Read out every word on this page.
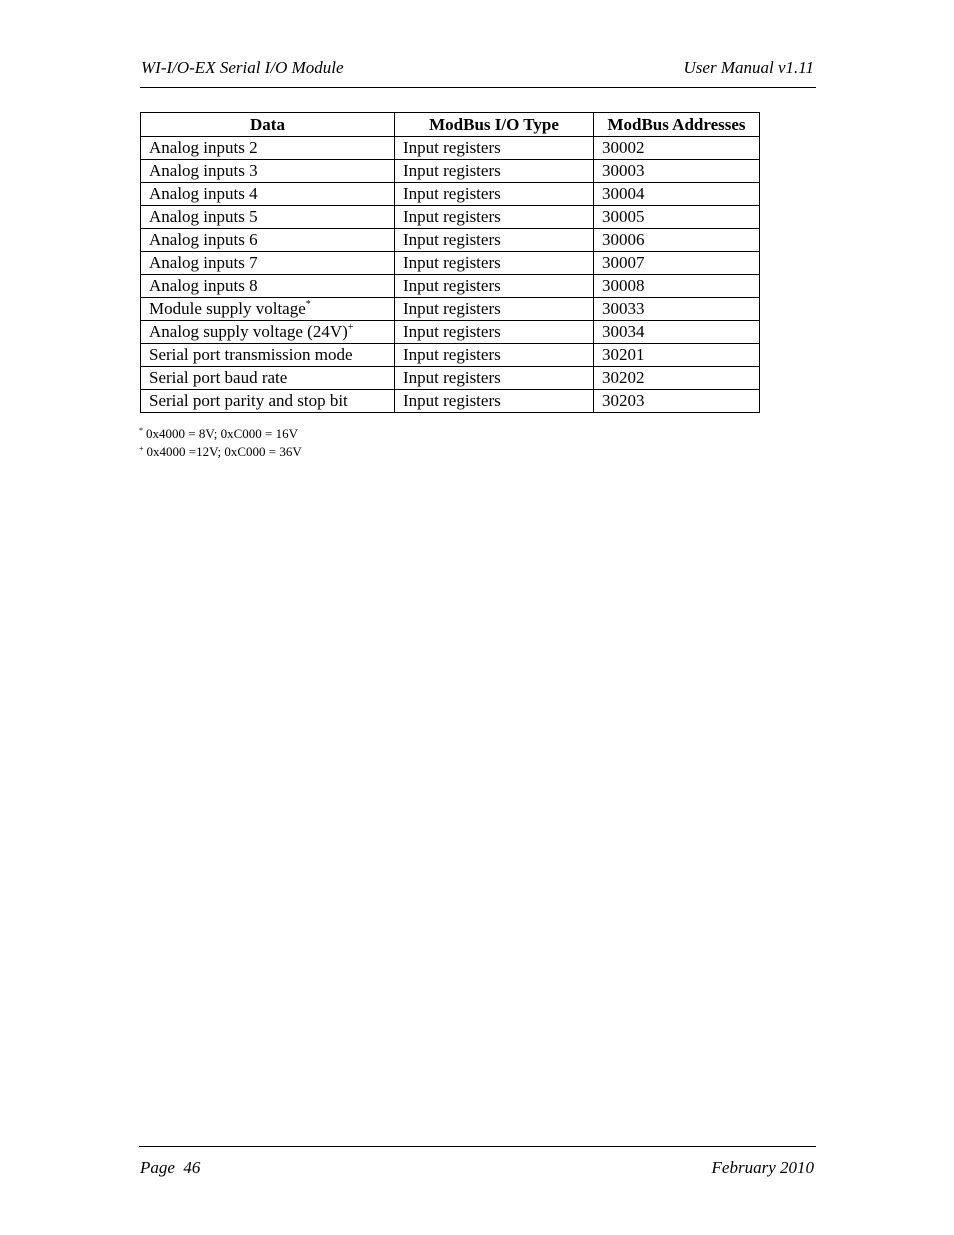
WI-I/O-EX Serial I/O Module	User Manual v1.11
Data	ModBus I/O Type	ModBus Addresses
Analog inputs 2	Input registers	30002
Analog inputs 3	Input registers	30003
Analog inputs 4	Input registers	30004
Analog inputs 5	Input registers	30005
Analog inputs 6	Input registers	30006
Analog inputs 7	Input registers	30007
Analog inputs 8	Input registers	30008
Module supply voltage*	Input registers	30033
Analog supply voltage (24V)+	Input registers	30034
Serial port transmission mode	Input registers	30201
Serial port baud rate	Input registers	30202
Serial port parity and stop bit	Input registers	30203
* 0x4000 = 8V; 0xC000 = 16V
+ 0x4000 =12V; 0xC000 = 36V
Page  46	February 2010
